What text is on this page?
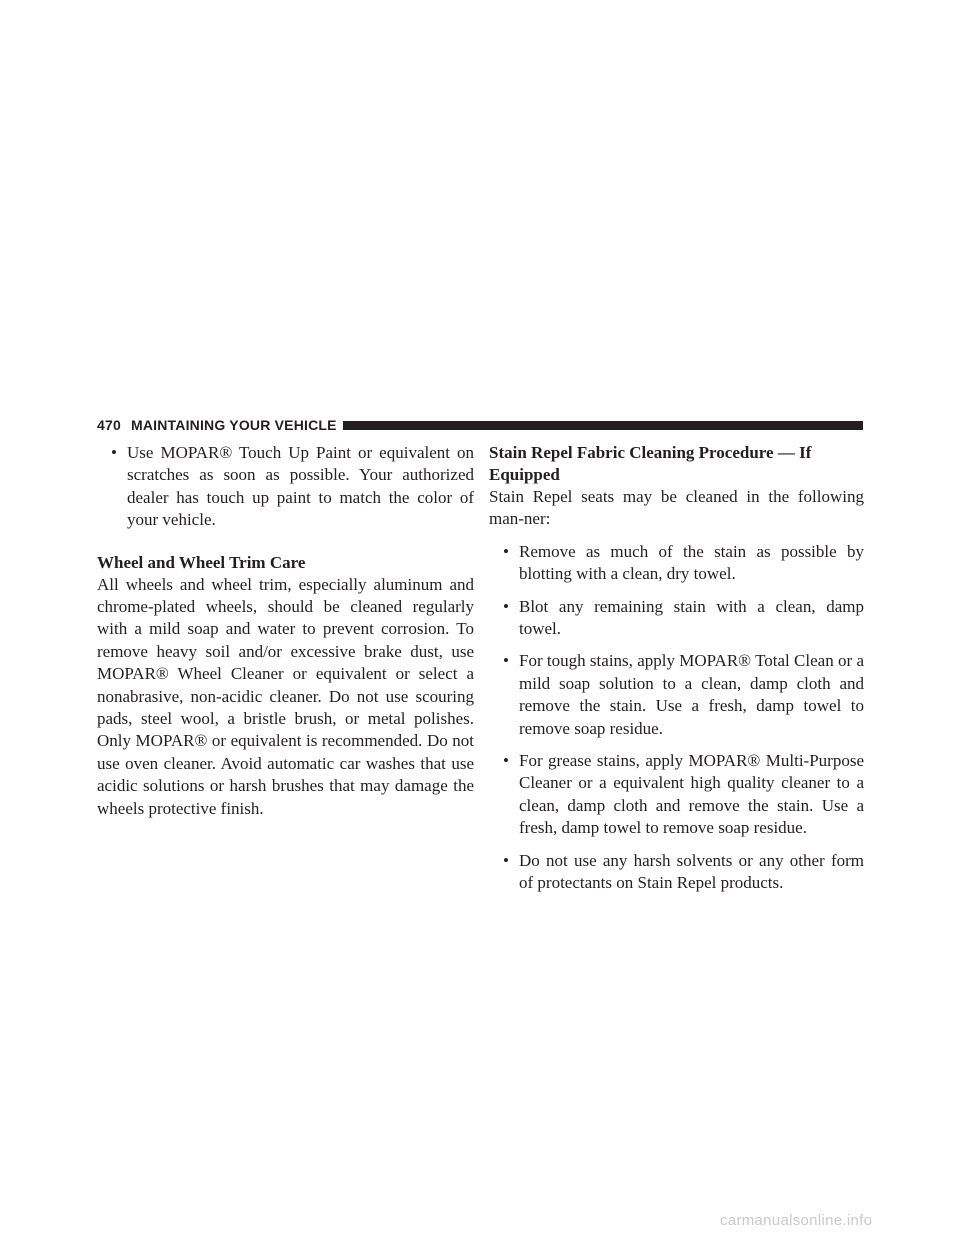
470 MAINTAINING YOUR VEHICLE
• Use MOPAR® Touch Up Paint or equivalent on scratches as soon as possible. Your authorized dealer has touch up paint to match the color of your vehicle.
Wheel and Wheel Trim Care

All wheels and wheel trim, especially aluminum and chrome-plated wheels, should be cleaned regularly with a mild soap and water to prevent corrosion. To remove heavy soil and/or excessive brake dust, use MOPAR® Wheel Cleaner or equivalent or select a nonabrasive, non-acidic cleaner. Do not use scouring pads, steel wool, a bristle brush, or metal polishes. Only MOPAR® or equivalent is recommended. Do not use oven cleaner. Avoid automatic car washes that use acidic solutions or harsh brushes that may damage the wheels protective finish.

Stain Repel Fabric Cleaning Procedure — If Equipped

Stain Repel seats may be cleaned in the following man-ner:

• Remove as much of the stain as possible by blotting with a clean, dry towel.
• Blot any remaining stain with a clean, damp towel.
• For tough stains, apply MOPAR® Total Clean or a mild soap solution to a clean, damp cloth and remove the stain. Use a fresh, damp towel to remove soap residue.
• For grease stains, apply MOPAR® Multi-Purpose Cleaner or a equivalent high quality cleaner to a clean, damp cloth and remove the stain. Use a fresh, damp towel to remove soap residue.
• Do not use any harsh solvents or any other form of protectants on Stain Repel products.
carmanualsonline.info
